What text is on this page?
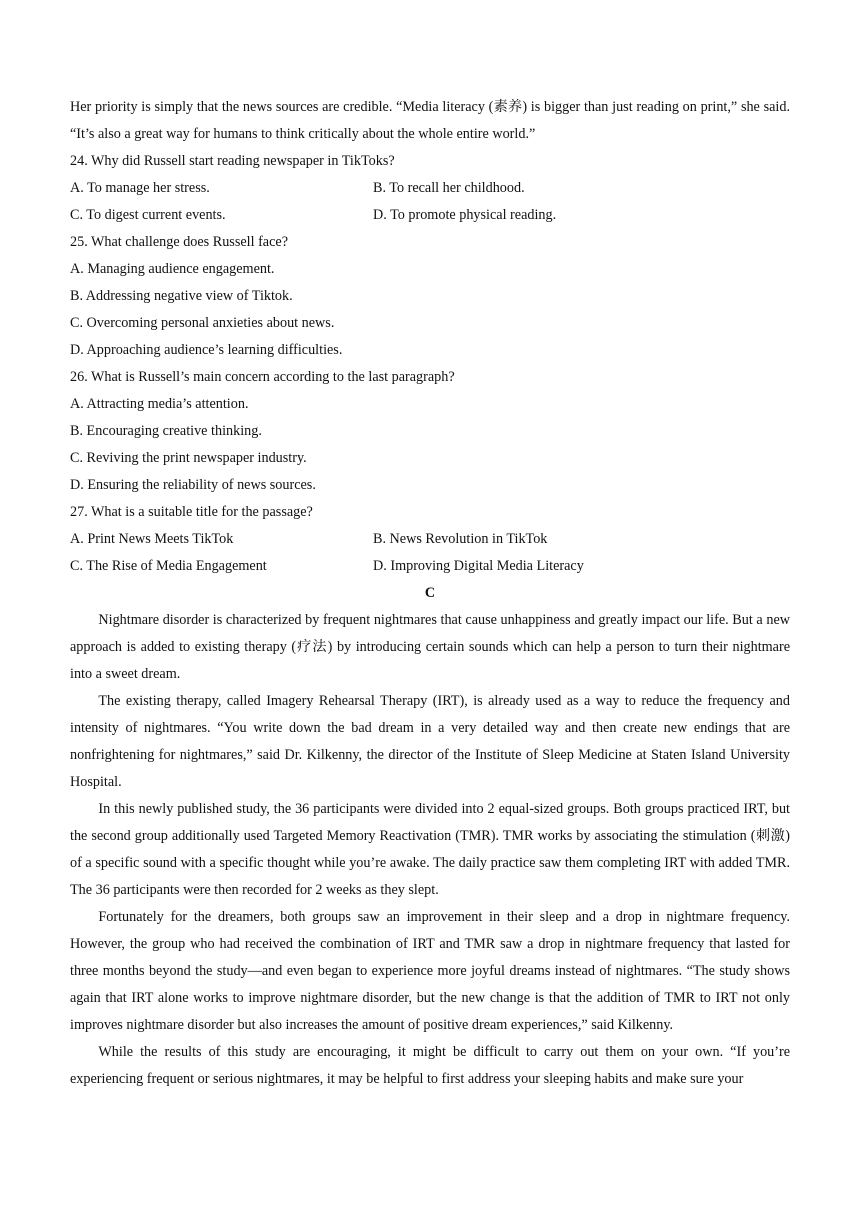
Her priority is simply that the news sources are credible. “Media literacy (素养) is bigger than just reading on print,” she said. “It’s also a great way for humans to think critically about the whole entire world.”

24. Why did Russell start reading newspaper in TikToks?

A. To manage her stress.	B. To recall her childhood.
C. To digest current events.	D. To promote physical reading.

25. What challenge does Russell face?

A. Managing audience engagement.

B. Addressing negative view of Tiktok.

C. Overcoming personal anxieties about news.

D. Approaching audience’s learning difficulties.

26. What is Russell’s main concern according to the last paragraph?

A. Attracting media’s attention.

B. Encouraging creative thinking.

C. Reviving the print newspaper industry.

D. Ensuring the reliability of news sources.

27. What is a suitable title for the passage?

A. Print News Meets TikTok	B. News Revolution in TikTok
C. The Rise of Media Engagement	D. Improving Digital Media Literacy

C

Nightmare disorder is characterized by frequent nightmares that cause unhappiness and greatly impact our life. But a new approach is added to existing therapy (疗法) by introducing certain sounds which can help a person to turn their nightmare into a sweet dream.

The existing therapy, called Imagery Rehearsal Therapy (IRT), is already used as a way to reduce the frequency and intensity of nightmares. “You write down the bad dream in a very detailed way and then create new endings that are nonfrightening for nightmares,” said Dr. Kilkenny, the director of the Institute of Sleep Medicine at Staten Island University Hospital.

In this newly published study, the 36 participants were divided into 2 equal-sized groups. Both groups practiced IRT, but the second group additionally used Targeted Memory Reactivation (TMR). TMR works by associating the stimulation (刺激) of a specific sound with a specific thought while you’re awake. The daily practice saw them completing IRT with added TMR. The 36 participants were then recorded for 2 weeks as they slept.

Fortunately for the dreamers, both groups saw an improvement in their sleep and a drop in nightmare frequency. However, the group who had received the combination of IRT and TMR saw a drop in nightmare frequency that lasted for three months beyond the study—and even began to experience more joyful dreams instead of nightmares. “The study shows again that IRT alone works to improve nightmare disorder, but the new change is that the addition of TMR to IRT not only improves nightmare disorder but also increases the amount of positive dream experiences,” said Kilkenny.

While the results of this study are encouraging, it might be difficult to carry out them on your own. “If you’re experiencing frequent or serious nightmares, it may be helpful to first address your sleeping habits and make sure your
